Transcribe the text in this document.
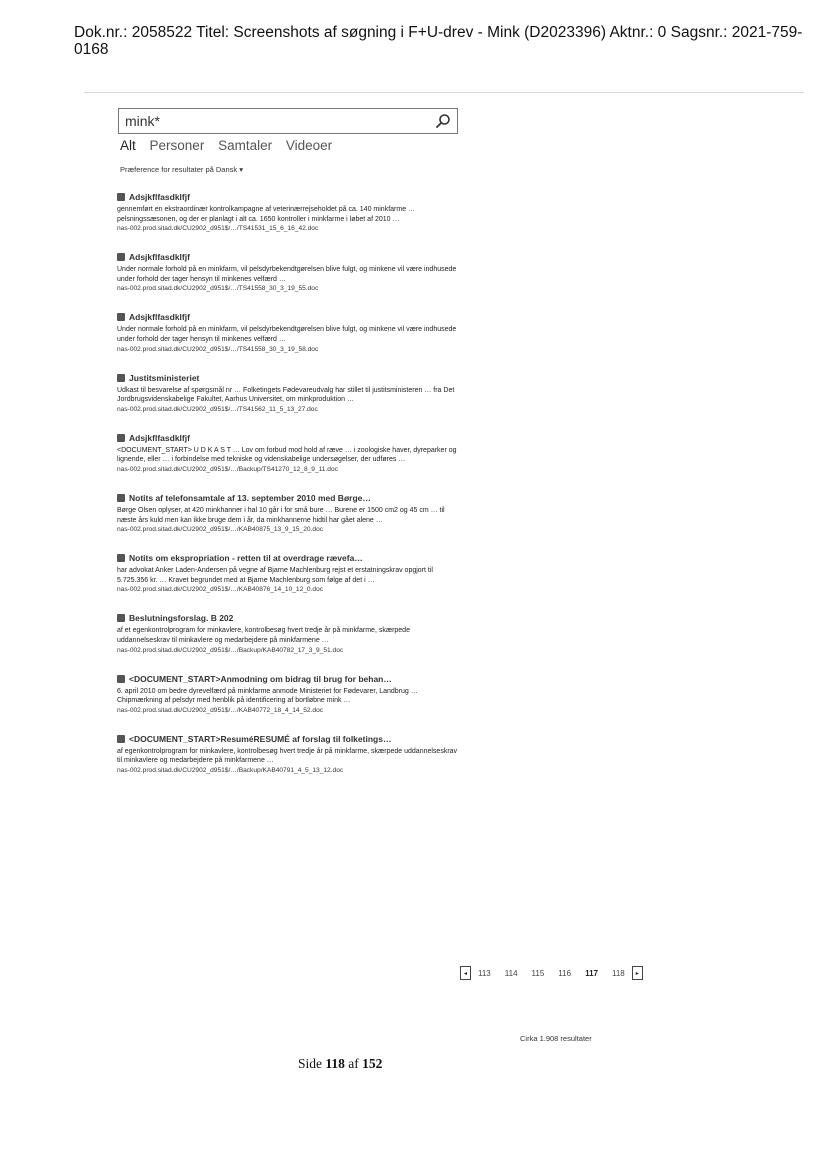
Dok.nr.: 2058522 Titel: Screenshots af søgning i F+U-drev - Mink (D2023396) Aktnr.: 0 Sagsnr.: 2021-759-0168
mink*
Alt Personer Samtaler Videoer
Præference for resultater på Dansk ▾
Adsjkflfasdklfjf
gennemført en ekstraordinær kontrolkampagne af veterinærrejseholdet på ca. 140 minkfarme … pelsningssæsonen, og der er planlagt i alt ca. 1650 kontroller i minkfarme i løbet af 2010 …
nas-002.prod.sitad.dk/CU2902_d951$/…/TS41531_15_6_16_42.doc
Adsjkflfasdklfjf
Under normale forhold på en minkfarm, vil pelsdyrbekendtgørelsen blive fulgt, og minkene vil være indhusede under forhold der tager hensyn til minkenes velfærd …
nas-002.prod.sitad.dk/CU2902_d951$/…/TS41558_30_3_19_55.doc
Adsjkflfasdklfjf
Under normale forhold på en minkfarm, vil pelsdyrbekendtgørelsen blive fulgt, og minkene vil være indhusede under forhold der tager hensyn til minkenes velfærd …
nas-002.prod.sitad.dk/CU2902_d951$/…/TS41558_30_3_19_58.doc
Justitsministeriet
Udkast til besvarelse af spørgsmål nr … Folketingets Fødevareudvalg har stillet til justitsministeren … fra Det Jordbrugsvidenskabelige Fakultet, Aarhus Universitet, om minkproduktion …
nas-002.prod.sitad.dk/CU2902_d951$/…/TS41562_11_5_13_27.doc
Adsjkflfasdklfjf
<DOCUMENT_START> U D K A S T … Lov om forbud mod hold af ræve … i zoologiske haver, dyreparker og lignende, eller … i forbindelse med tekniske og videnskabelige undersøgelser, der udføres …
nas-002.prod.sitad.dk/CU2902_d951$/…/Backup/TS41270_12_8_9_11.doc
Notits af telefonsamtale af 13. september 2010 med Børge…
Børge Olsen oplyser, at 420 minkhanner i hal 10 går i for små bure … Burene er 1500 cm2 og 45 cm … til næste års kuld men kan ikke bruge dem i år, da minkhannerne hidtil har gået alene …
nas-002.prod.sitad.dk/CU2902_d951$/…/KAB40875_13_9_15_20.doc
Notits om ekspropriation - retten til at overdrage rævefa…
har advokat Anker Laden-Andersen på vegne af Bjarne Machlenburg rejst et erstatningskrav opgjort til 5.725.356 kr. … Kravet begrundet med at Bjarne Machlenburg som følge af det i …
nas-002.prod.sitad.dk/CU2902_d951$/…/KAB40876_14_10_12_0.doc
Beslutningsforslag. B 202
af et egenkontrolprogram for minkavlere, kontrolbesøg hvert tredje år på minkfarme, skærpede uddannelseskrav til minkavlere og medarbejdere på minkfarmene …
nas-002.prod.sitad.dk/CU2902_d951$/…/Backup/KAB40782_17_3_9_51.doc
<DOCUMENT_START>Anmodning om bidrag til brug for behan…
6. april 2010 om bedre dyrevelfærd på minkfarme anmode Ministeriet for Fødevarer, Landbrug … Chipmærkning af pelsdyr med henblik på identificering af bortløbne mink …
nas-002.prod.sitad.dk/CU2902_d951$/…/KAB40772_18_4_14_52.doc
<DOCUMENT_START>ResuméRESUMÉ af forslag til folketings…
af egenkontrolprogram for minkavlere, kontrolbesøg hvert tredje år på minkfarme, skærpede uddannelseskrav til minkavlere og medarbejdere på minkfarmene …
nas-002.prod.sitad.dk/CU2902_d951$/…/Backup/KAB40791_4_5_13_12.doc
◂	113 114 115 116 117 118	▸
Cirka 1.908 resultater
Side 118 af 152
